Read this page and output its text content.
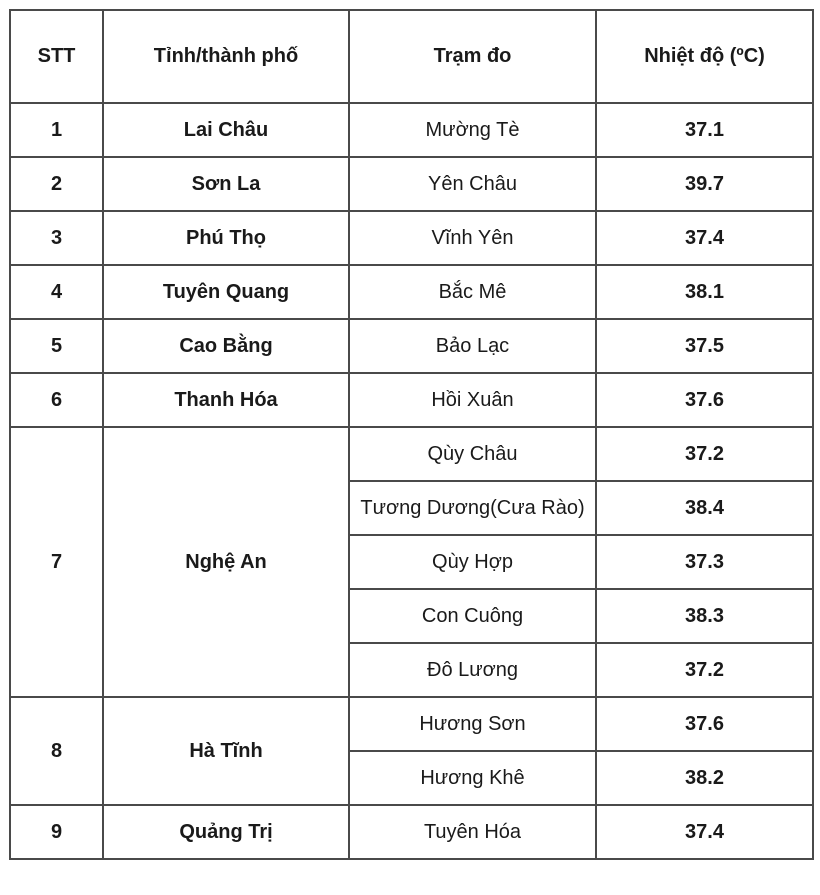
STT	Tỉnh/thành phố	Trạm đo	Nhiệt độ (ºC)
1	Lai Châu	Mường Tè	37.1
2	Sơn La	Yên Châu	39.7
3	Phú Thọ	Vĩnh Yên	37.4
4	Tuyên Quang	Bắc Mê	38.1
5	Cao Bằng	Bảo Lạc	37.5
6	Thanh Hóa	Hồi Xuân	37.6
7	Nghệ An	Qùy Châu	37.2
		Tương Dương(Cưa Rào)	38.4
		Qùy Hợp	37.3
		Con Cuông	38.3
		Đô Lương	37.2
8	Hà Tĩnh	Hương Sơn	37.6
		Hương Khê	38.2
9	Quảng Trị	Tuyên Hóa	37.4
